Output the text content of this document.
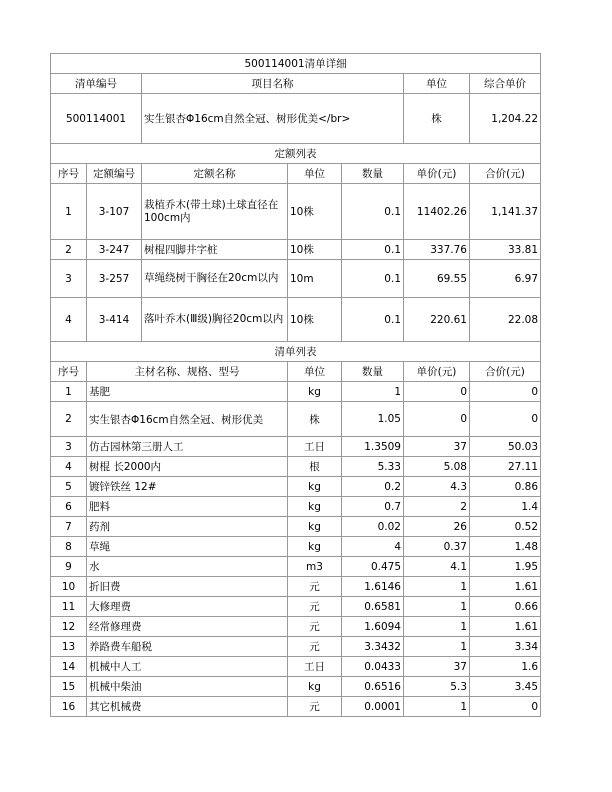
500114001清单详细						
清单编号		项目名称			单位	综合单价
500114001		实生银杏Φ16cm自然全冠、树形优美</br>			株	1,204.22
定额列表						
序号	定额编号	定额名称	单位	数量	单价(元)	合价(元)
1	3-107	栽植乔木(带土球)土球直径在100cm内	10株	0.1	11402.26	1,141.37
2	3-247	树棍四脚井字桩	10株	0.1	337.76	33.81
3	3-257	草绳绕树干胸径在20cm以内	10m	0.1	69.55	6.97
4	3-414	落叶乔木(Ⅲ级)胸径20cm以内	10株	0.1	220.61	22.08
清单列表						
序号	主材名称、规格、型号		单位	数量	单价(元)	合价(元)
1	基肥		kg	1	0	0
2	实生银杏Φ16cm自然全冠、树形优美		株	1.05	0	0
3	仿古园林第三册人工		工日	1.3509	37	50.03
4	树棍 长2000内		根	5.33	5.08	27.11
5	镀锌铁丝 12#		kg	0.2	4.3	0.86
6	肥料		kg	0.7	2	1.4
7	药剂		kg	0.02	26	0.52
8	草绳		kg	4	0.37	1.48
9	水		m3	0.475	4.1	1.95
10	折旧费		元	1.6146	1	1.61
11	大修理费		元	0.6581	1	0.66
12	经常修理费		元	1.6094	1	1.61
13	养路费车船税		元	3.3432	1	3.34
14	机械中人工		工日	0.0433	37	1.6
15	机械中柴油		kg	0.6516	5.3	3.45
16	其它机械费		元	0.0001	1	0
